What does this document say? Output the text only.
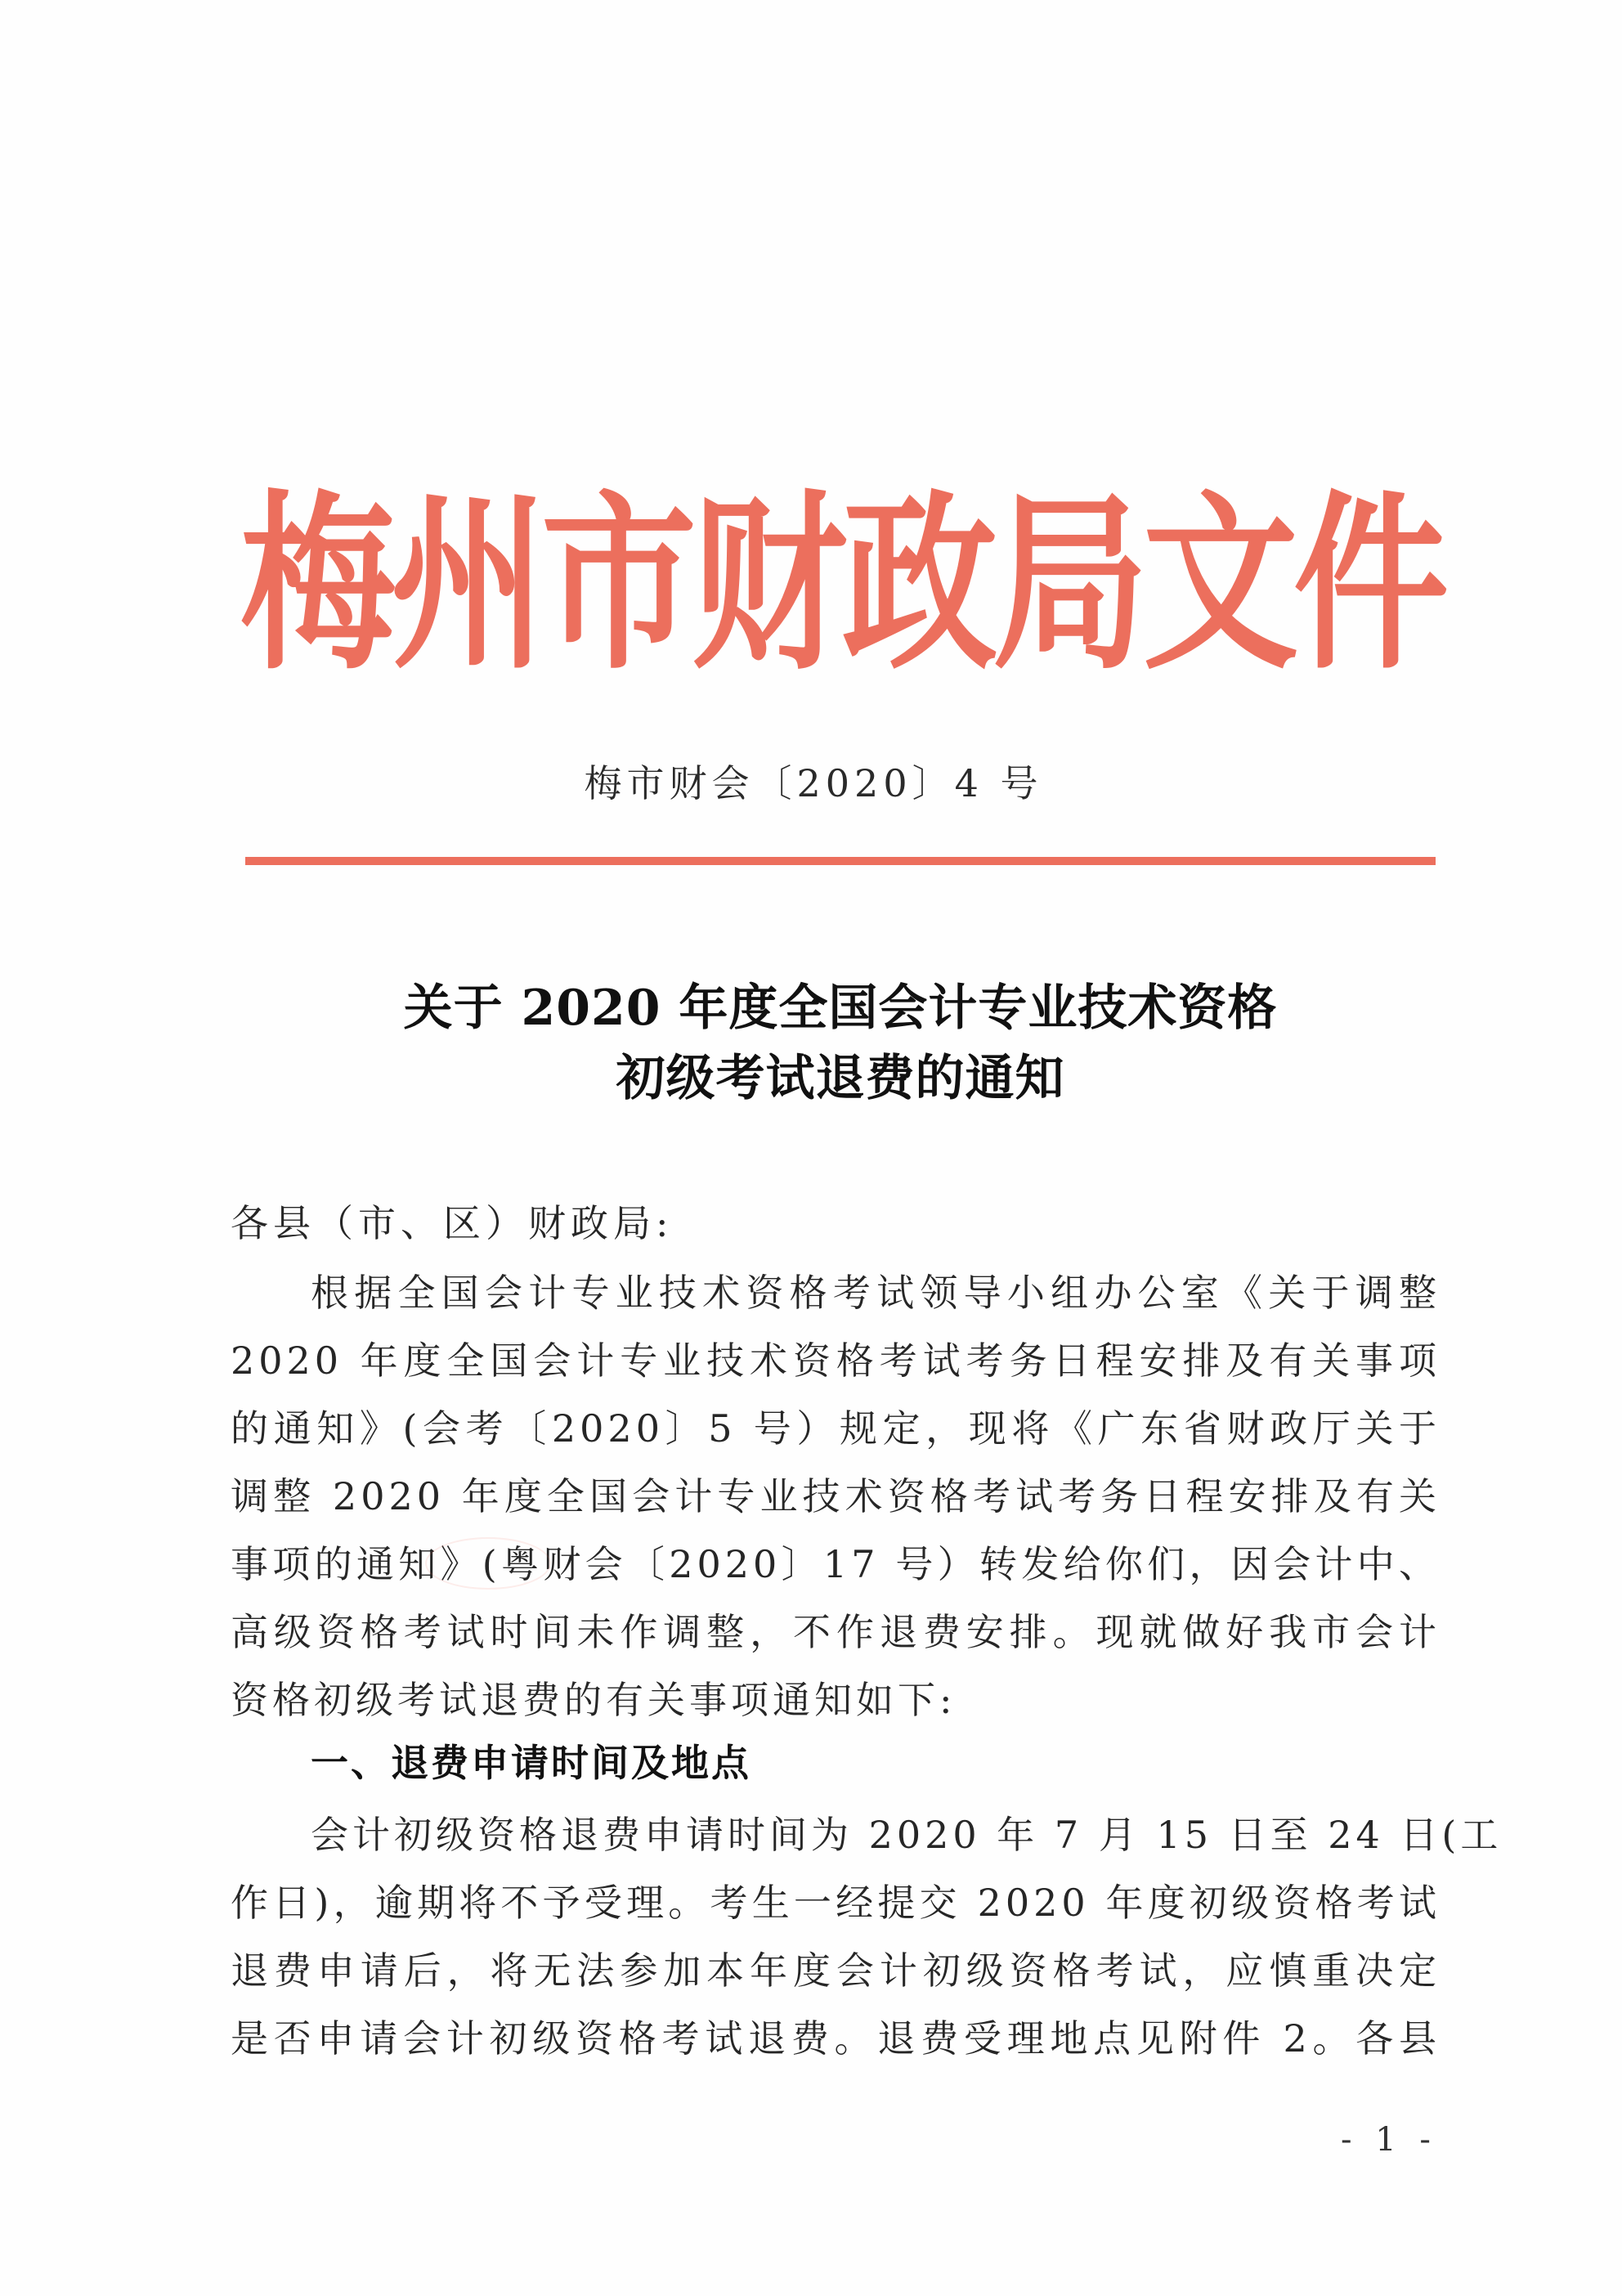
梅州市财政局文件
梅市财会〔2020〕4 号
关于 2020 年度全国会计专业技术资格
初级考试退费的通知
各县（市、区）财政局:
根据全国会计专业技术资格考试领导小组办公室《关于调整
2020 年度全国会计专业技术资格考试考务日程安排及有关事项
的通知》(会考〔2020〕5 号）规定，现将《广东省财政厅关于
调整 2020 年度全国会计专业技术资格考试考务日程安排及有关
事项的通知》(粤财会〔2020〕17 号）转发给你们，因会计中、
高级资格考试时间未作调整，不作退费安排。现就做好我市会计
资格初级考试退费的有关事项通知如下:
一、退费申请时间及地点
会计初级资格退费申请时间为 2020 年 7 月 15 日至 24 日(工
作日)，逾期将不予受理。考生一经提交 2020 年度初级资格考试
退费申请后，将无法参加本年度会计初级资格考试，应慎重决定
是否申请会计初级资格考试退费。退费受理地点见附件 2。各县
- 1 -
